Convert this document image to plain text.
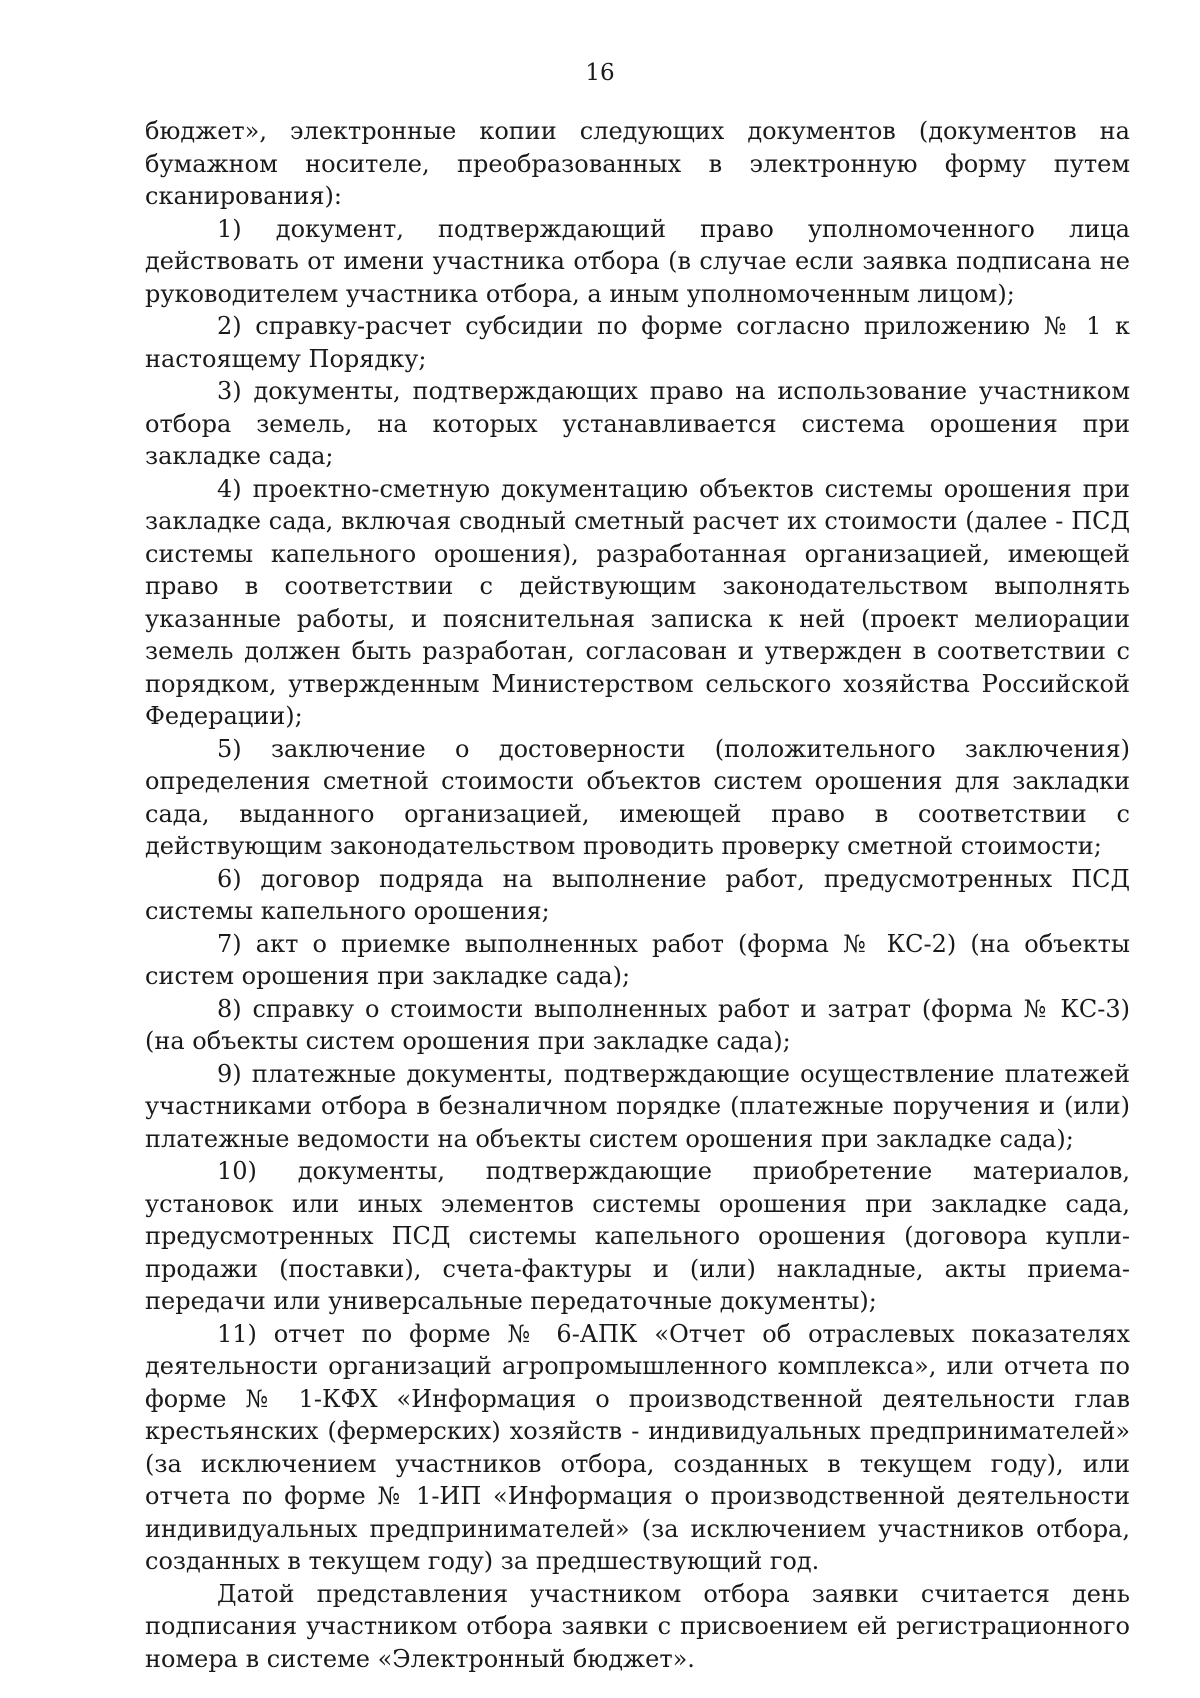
16

бюджет», электронные копии следующих документов (документов на бумажном носителе, преобразованных в электронную форму путем сканирования):

1) документ, подтверждающий право уполномоченного лица действовать от имени участника отбора (в случае если заявка подписана не руководителем участника отбора, а иным уполномоченным лицом);

2) справку-расчет субсидии по форме согласно приложению № 1 к настоящему Порядку;

3) документы, подтверждающих право на использование участником отбора земель, на которых устанавливается система орошения при закладке сада;

4) проектно-сметную документацию объектов системы орошения при закладке сада, включая сводный сметный расчет их стоимости (далее - ПСД системы капельного орошения), разработанная организацией, имеющей право в соответствии с действующим законодательством выполнять указанные работы, и пояснительная записка к ней (проект мелиорации земель должен быть разработан, согласован и утвержден в соответствии с порядком, утвержденным Министерством сельского хозяйства Российской Федерации);

5) заключение о достоверности (положительного заключения) определения сметной стоимости объектов систем орошения для закладки сада, выданного организацией, имеющей право в соответствии с действующим законодательством проводить проверку сметной стоимости;

6) договор подряда на выполнение работ, предусмотренных ПСД системы капельного орошения;

7) акт о приемке выполненных работ (форма № КС-2) (на объекты систем орошения при закладке сада);

8) справку о стоимости выполненных работ и затрат (форма № КС-3) (на объекты систем орошения при закладке сада);

9) платежные документы, подтверждающие осуществление платежей участниками отбора в безналичном порядке (платежные поручения и (или) платежные ведомости на объекты систем орошения при закладке сада);

10) документы, подтверждающие приобретение материалов, установок или иных элементов системы орошения при закладке сада, предусмотренных ПСД системы капельного орошения (договора купли-продажи (поставки), счета-фактуры и (или) накладные, акты приема-передачи или универсальные передаточные документы);

11) отчет по форме № 6-АПК «Отчет об отраслевых показателях деятельности организаций агропромышленного комплекса», или отчета по форме № 1-КФХ «Информация о производственной деятельности глав крестьянских (фермерских) хозяйств - индивидуальных предпринимателей» (за исключением участников отбора, созданных в текущем году), или отчета по форме № 1-ИП «Информация о производственной деятельности индивидуальных предпринимателей» (за исключением участников отбора, созданных в текущем году) за предшествующий год.

Датой представления участником отбора заявки считается день подписания участником отбора заявки с присвоением ей регистрационного номера в системе «Электронный бюджет».
